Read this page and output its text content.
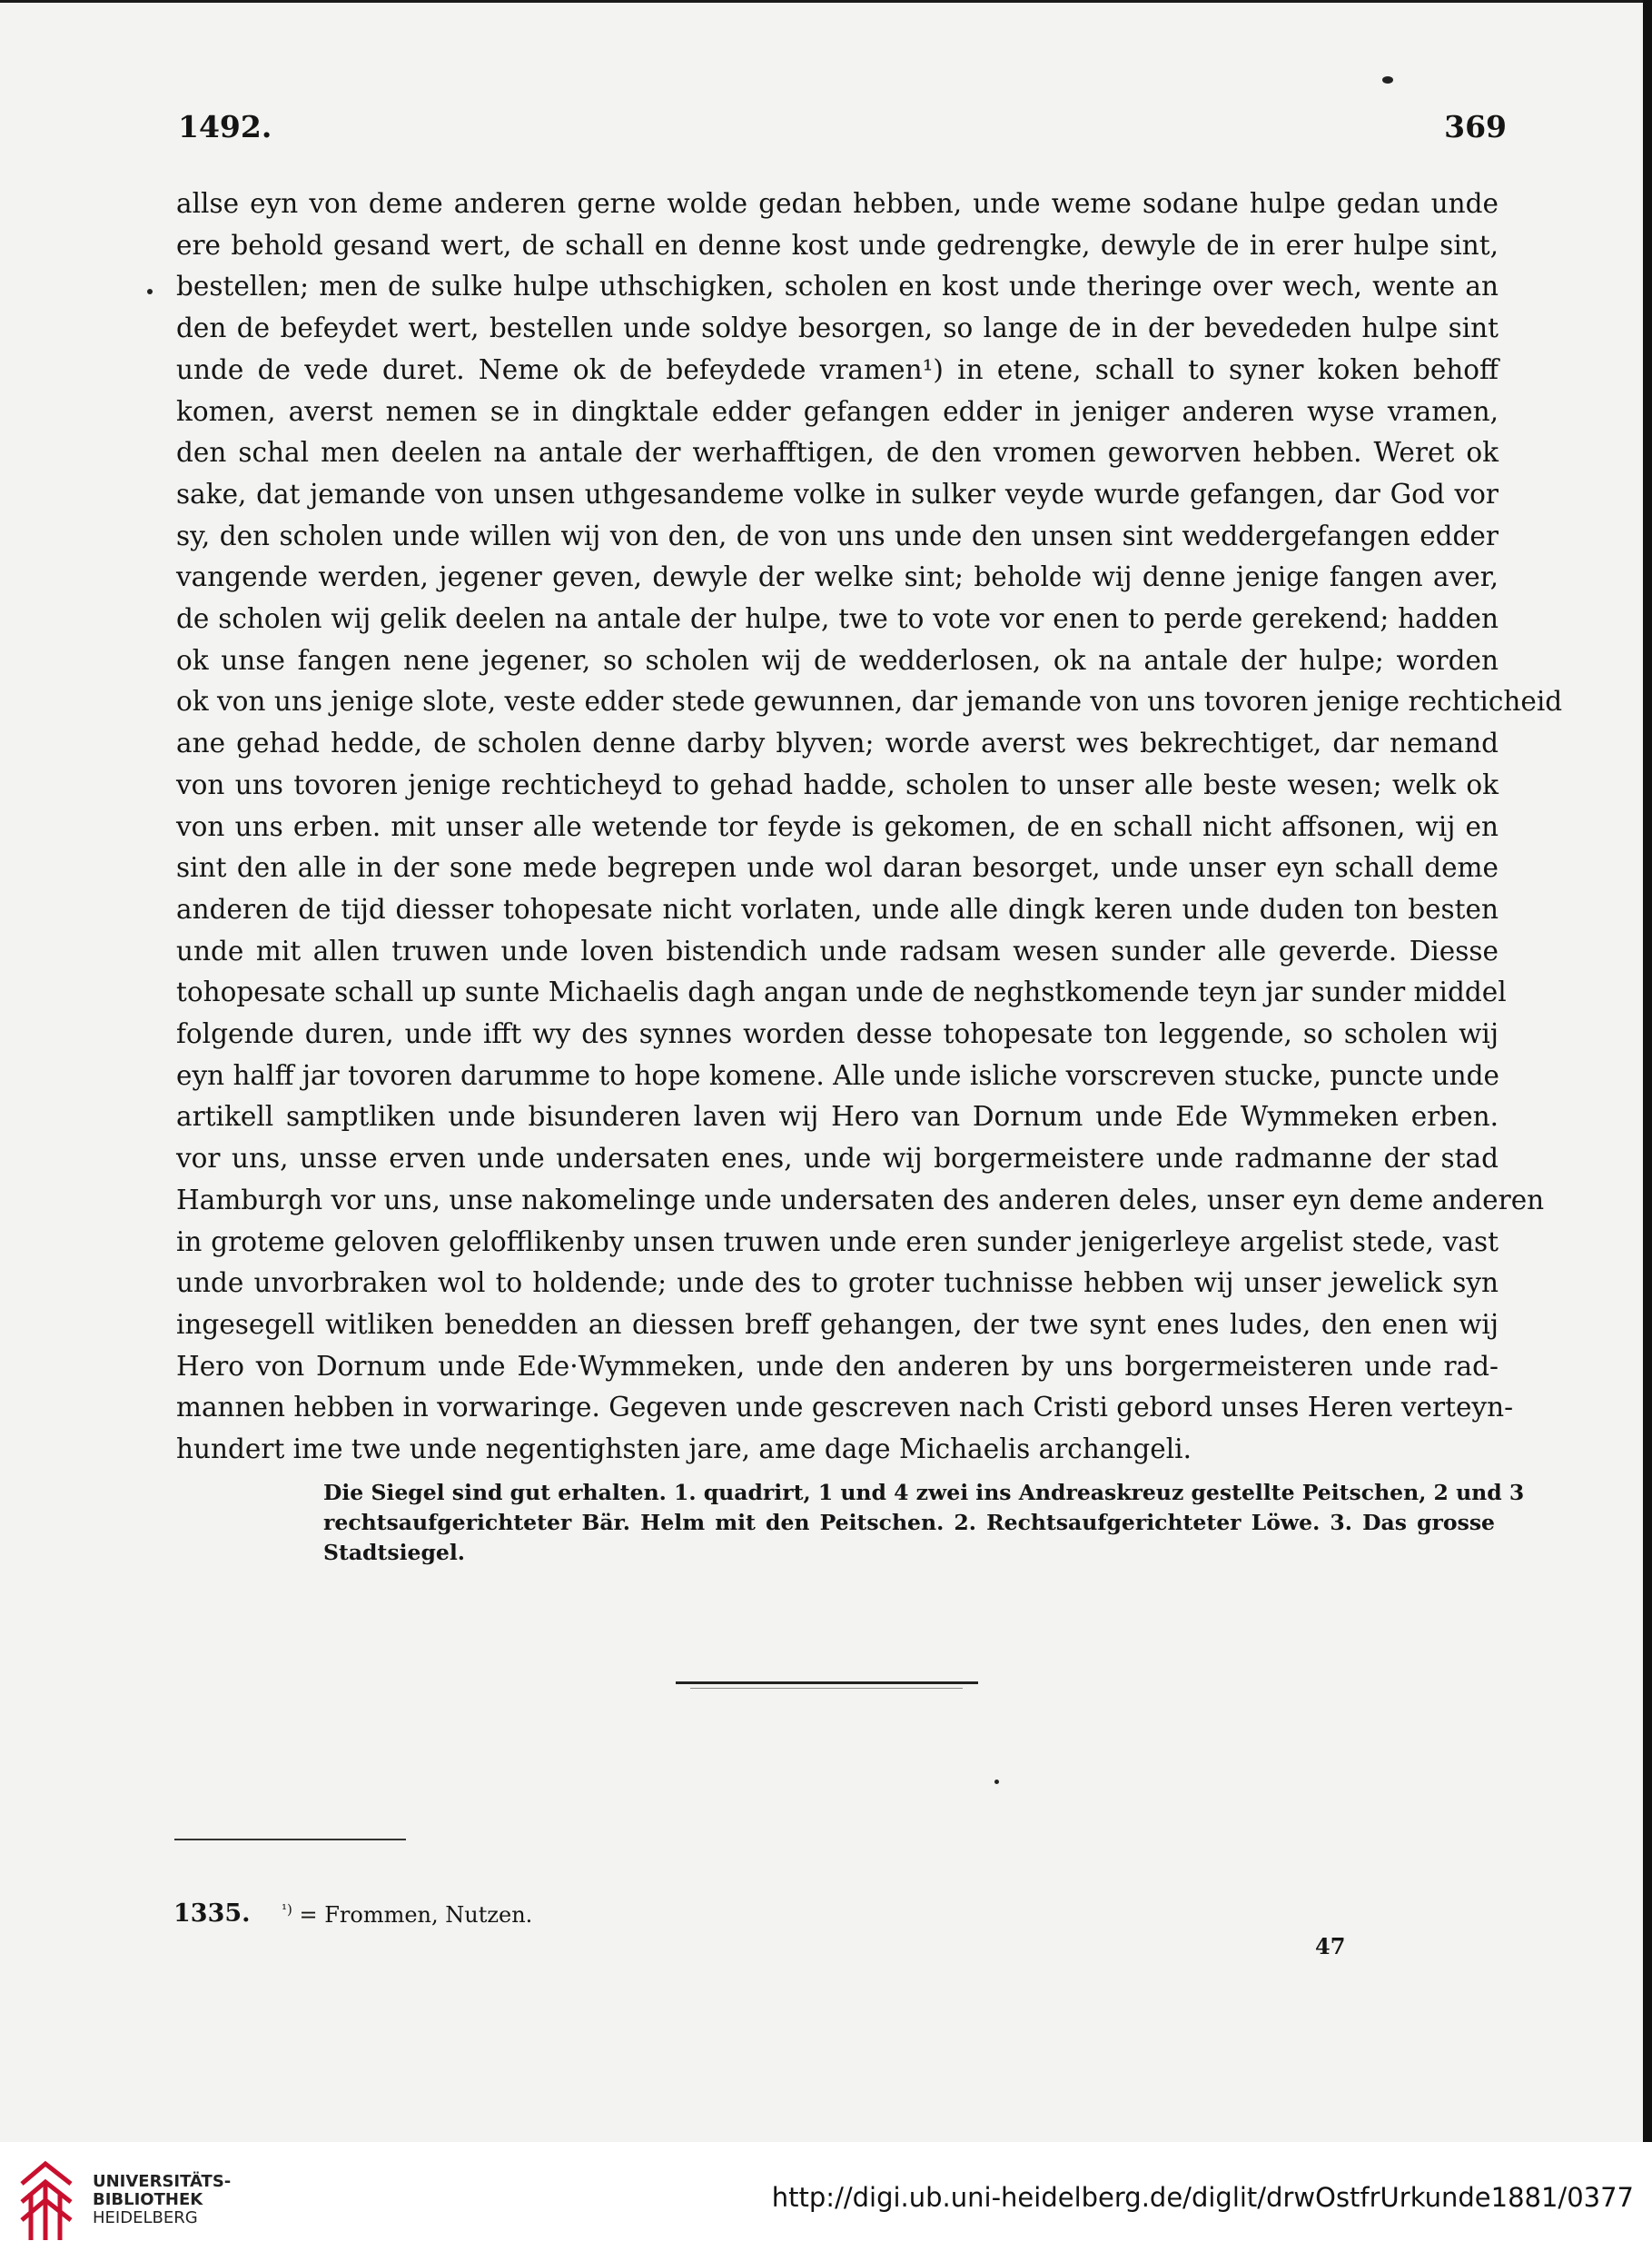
1492.	369
allse eyn von deme anderen gerne wolde gedan hebben, unde weme sodane hulpe gedan unde
ere behold gesand wert, de schall en denne kost unde gedrengke, dewyle de in erer hulpe sint,
bestellen; men de sulke hulpe uthschigken, scholen en kost unde theringe over wech, wente an
den de befeydet wert, bestellen unde soldye besorgen, so lange de in der bevededen hulpe sint
unde de vede duret. Neme ok de befeydede vramen¹) in etene, schall to syner koken behoff
komen, averst nemen se in dingktale edder gefangen edder in jeniger anderen wyse vramen,
den schal men deelen na antale der werhafftigen, de den vromen geworven hebben. Weret ok
sake, dat jemande von unsen uthgesandeme volke in sulker veyde wurde gefangen, dar God vor
sy, den scholen unde willen wij von den, de von uns unde den unsen sint weddergefangen edder
vangende werden, jegener geven, dewyle der welke sint; beholde wij denne jenige fangen aver,
de scholen wij gelik deelen na antale der hulpe, twe to vote vor enen to perde gerekend; hadden
ok unse fangen nene jegener, so scholen wij de wedderlosen, ok na antale der hulpe; worden
ok von uns jenige slote, veste edder stede gewunnen, dar jemande von uns tovoren jenige rechticheid
ane gehad hedde, de scholen denne darby blyven; worde averst wes bekrechtiget, dar nemand
von uns tovoren jenige rechticheyd to gehad hadde, scholen to unser alle beste wesen; welk ok
von uns erben. mit unser alle wetende tor feyde is gekomen, de en schall nicht affsonen, wij en
sint den alle in der sone mede begrepen unde wol daran besorget, unde unser eyn schall deme
anderen de tijd diesser tohopesate nicht vorlaten, unde alle dingk keren unde duden ton besten
unde mit allen truwen unde loven bistendich unde radsam wesen sunder alle geverde. Diesse
tohopesate schall up sunte Michaelis dagh angan unde de neghstkomende teyn jar sunder middel
folgende duren, unde ifft wy des synnes worden desse tohopesate ton leggende, so scholen wij
eyn halff jar tovoren darumme to hope komene. Alle unde isliche vorscreven stucke, puncte unde
artikell samptliken unde bisunderen laven wij Hero van Dornum unde Ede Wymmeken erben.
vor uns, unsse erven unde undersaten enes, unde wij borgermeistere unde radmanne der stad
Hamburgh vor uns, unse nakomelinge unde undersaten des anderen deles, unser eyn deme anderen
in groteme geloven gelofflikenby unsen truwen unde eren sunder jenigerleye argelist stede, vast
unde unvorbraken wol to holdende; unde des to groter tuchnisse hebben wij unser jewelick syn
ingesegell witliken benedden an diessen breff gehangen, der twe synt enes ludes, den enen wij
Hero von Dornum unde Ede·Wymmeken, unde den anderen by uns borgermeisteren unde rad-
mannen hebben in vorwaringe. Gegeven unde gescreven nach Cristi gebord unses Heren verteyn-
hundert ime twe unde negentighsten jare, ame dage Michaelis archangeli.
Die Siegel sind gut erhalten. 1. quadrirt, 1 und 4 zwei ins Andreaskreuz gestellte Peitschen, 2 und 3
rechtsaufgerichteter Bär. Helm mit den Peitschen. 2. Rechtsaufgerichteter Löwe. 3. Das grosse
Stadtsiegel.
1335. $^{^1)}$ = Frommen, Nutzen.
47
UNIVERSITÄTS-
BIBLIOTHEK
HEIDELBERG
http://digi.ub.uni-heidelberg.de/diglit/drwOstfrUrkunde1881/0377
